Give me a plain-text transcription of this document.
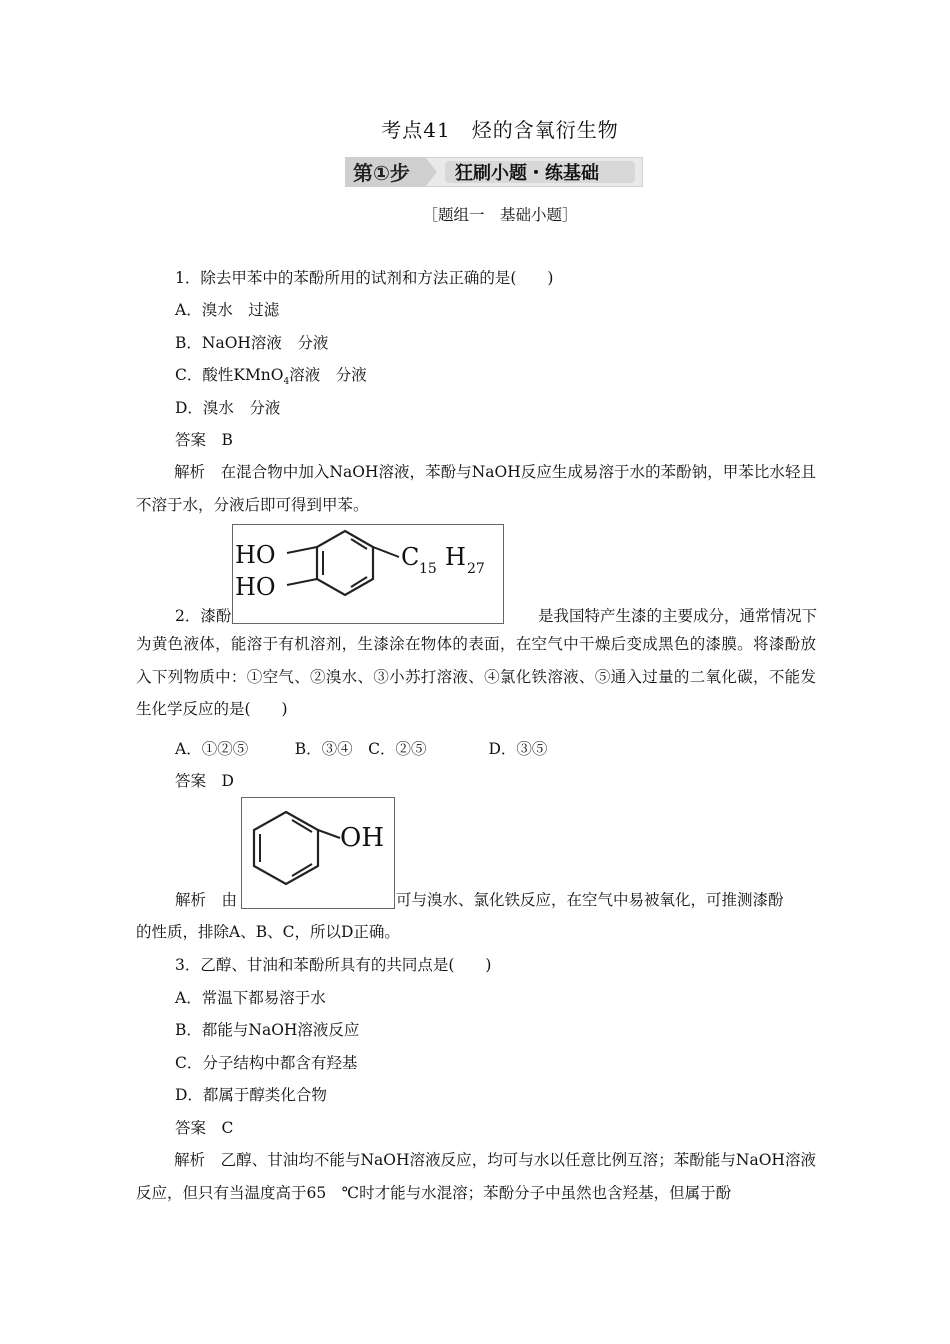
考点41　烃的含氧衍生物
第①步	狂刷小题・练基础
［题组一　基础小题］
1．除去甲苯中的苯酚所用的试剂和方法正确的是(　　)
A．溴水　过滤
B．NaOH溶液　分液
C．酸性KMnO$_4$溶液　分液
D．溴水　分液
答案　B
解析　在混合物中加入NaOH溶液，苯酚与NaOH反应生成易溶于水的苯酚钠，甲苯比水轻且不溶于水，分液后即可得到甲苯。
HO
HO
C 15 H 27
2．漆酚	是我国特产生漆的主要成分，通常情况下
为黄色液体，能溶于有机溶剂，生漆涂在物体的表面，在空气中干燥后变成黑色的漆膜。将漆酚放入下列物质中：①空气、②溴水、③小苏打溶液、④氯化铁溶液、⑤通入过量的二氧化碳，不能发生化学反应的是(　　)
A．①②⑤　　　B．③④　C．②⑤　　　　D．③⑤
答案　D
OH
解析　由	可与溴水、氯化铁反应，在空气中易被氧化，可推测漆酚
的性质，排除A、B、C，所以D正确。
3．乙醇、甘油和苯酚所具有的共同点是(　　)
A．常温下都易溶于水
B．都能与NaOH溶液反应
C．分子结构中都含有羟基
D．都属于醇类化合物
答案　C
解析　乙醇、甘油均不能与NaOH溶液反应，均可与水以任意比例互溶；苯酚能与NaOH溶液反应，但只有当温度高于65　℃时才能与水混溶；苯酚分子中虽然也含羟基，但属于酚
